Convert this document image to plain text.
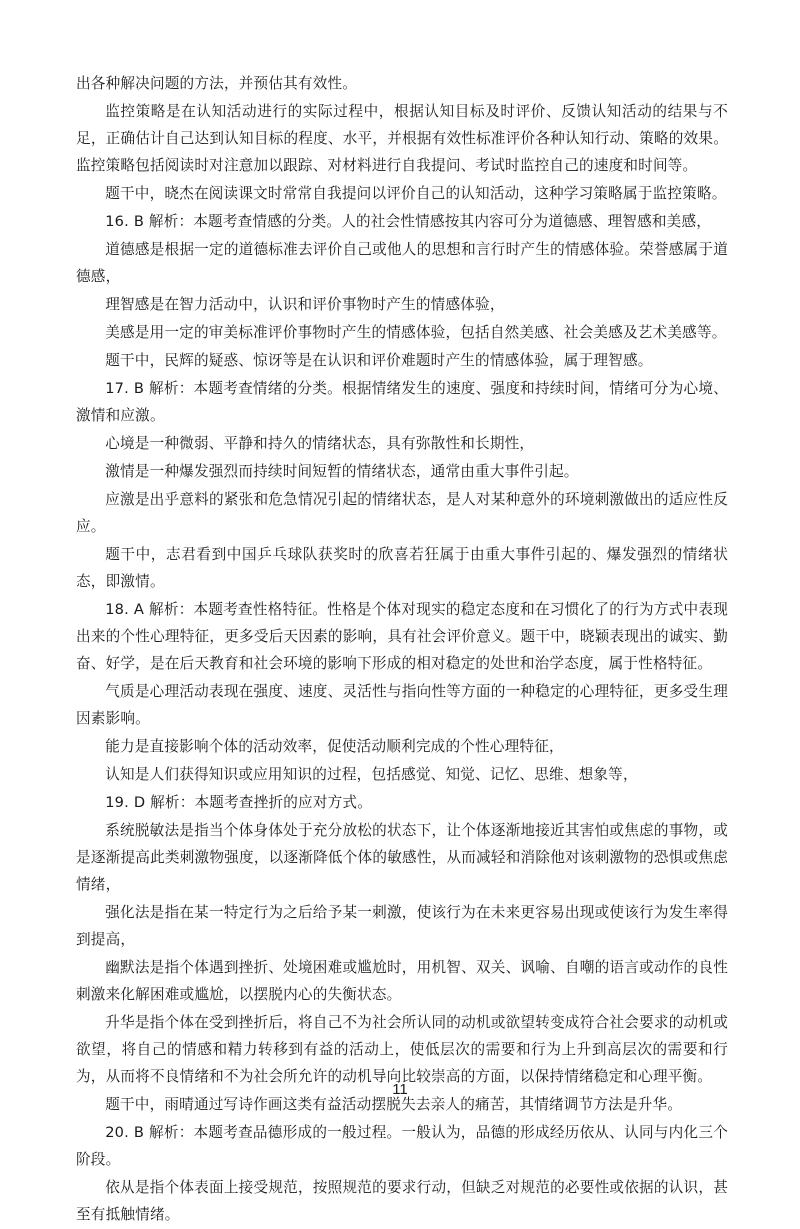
出各种解决问题的方法，并预估其有效性。

监控策略是在认知活动进行的实际过程中，根据认知目标及时评价、反馈认知活动的结果与不足，正确估计自己达到认知目标的程度、水平，并根据有效性标准评价各种认知行动、策略的效果。监控策略包括阅读时对注意加以跟踪、对材料进行自我提问、考试时监控自己的速度和时间等。

题干中，晓杰在阅读课文时常常自我提问以评价自己的认知活动，这种学习策略属于监控策略。

16. B 解析：本题考查情感的分类。人的社会性情感按其内容可分为道德感、理智感和美感，

道德感是根据一定的道德标准去评价自己或他人的思想和言行时产生的情感体验。荣誉感属于道德感，

理智感是在智力活动中，认识和评价事物时产生的情感体验，

美感是用一定的审美标准评价事物时产生的情感体验，包括自然美感、社会美感及艺术美感等。

题干中，民辉的疑惑、惊讶等是在认识和评价难题时产生的情感体验，属于理智感。

17. B 解析：本题考查情绪的分类。根据情绪发生的速度、强度和持续时间，情绪可分为心境、激情和应激。

心境是一种微弱、平静和持久的情绪状态，具有弥散性和长期性，

激情是一种爆发强烈而持续时间短暂的情绪状态，通常由重大事件引起。

应激是出乎意料的紧张和危急情况引起的情绪状态，是人对某种意外的环境刺激做出的适应性反应。

题干中，志君看到中国乒乓球队获奖时的欣喜若狂属于由重大事件引起的、爆发强烈的情绪状态，即激情。

18. A 解析：本题考查性格特征。性格是个体对现实的稳定态度和在习惯化了的行为方式中表现出来的个性心理特征，更多受后天因素的影响，具有社会评价意义。题干中，晓颖表现出的诚实、勤奋、好学，是在后天教育和社会环境的影响下形成的相对稳定的处世和治学态度，属于性格特征。

气质是心理活动表现在强度、速度、灵活性与指向性等方面的一种稳定的心理特征，更多受生理因素影响。

能力是直接影响个体的活动效率，促使活动顺利完成的个性心理特征，

认知是人们获得知识或应用知识的过程，包括感觉、知觉、记忆、思维、想象等，

19. D 解析：本题考查挫折的应对方式。

系统脱敏法是指当个体身体处于充分放松的状态下，让个体逐渐地接近其害怕或焦虑的事物，或是逐渐提高此类刺激物强度，以逐渐降低个体的敏感性，从而减轻和消除他对该刺激物的恐惧或焦虑情绪，

强化法是指在某一特定行为之后给予某一刺激，使该行为在未来更容易出现或使该行为发生率得到提高，

幽默法是指个体遇到挫折、处境困难或尴尬时，用机智、双关、讽喻、自嘲的语言或动作的良性刺激来化解困难或尴尬，以摆脱内心的失衡状态。

升华是指个体在受到挫折后，将自己不为社会所认同的动机或欲望转变成符合社会要求的动机或欲望，将自己的情感和精力转移到有益的活动上，使低层次的需要和行为上升到高层次的需要和行为，从而将不良情绪和不为社会所允许的动机导向比较崇高的方面，以保持情绪稳定和心理平衡。

题干中，雨晴通过写诗作画这类有益活动摆脱失去亲人的痛苦，其情绪调节方法是升华。

20. B 解析：本题考查品德形成的一般过程。一般认为，品德的形成经历依从、认同与内化三个阶段。

依从是指个体表面上接受规范，按照规范的要求行动，但缺乏对规范的必要性或依据的认识，甚至有抵触情绪。

11
